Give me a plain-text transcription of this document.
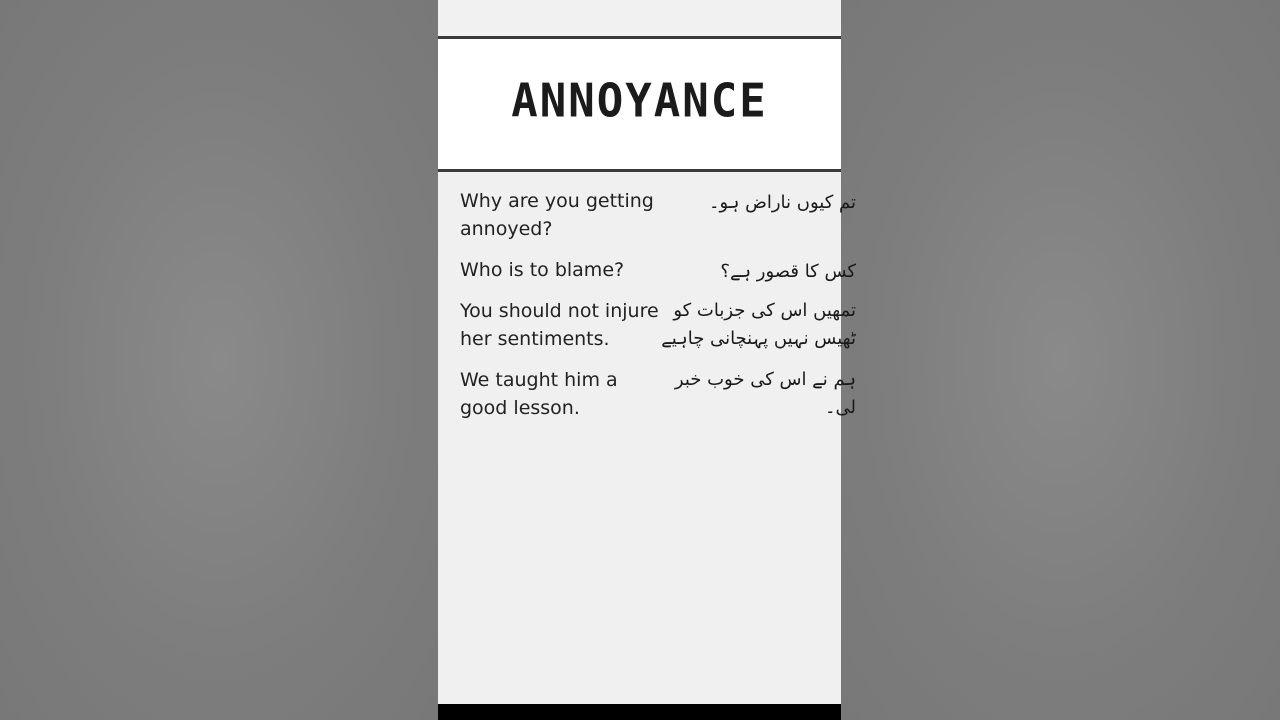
ANNOYANCE
Why are you getting annoyed?
تم کیوں ناراض ہو۔
Who is to blame?	کس کا قصور ہے؟
You should not injure her sentiments.
تمھیں اس کی جزبات کو
ٹھیس نہیں پہنچانی چاہیے
We taught him a good lesson.
ہم نے اس کی خوب خبر لی۔
